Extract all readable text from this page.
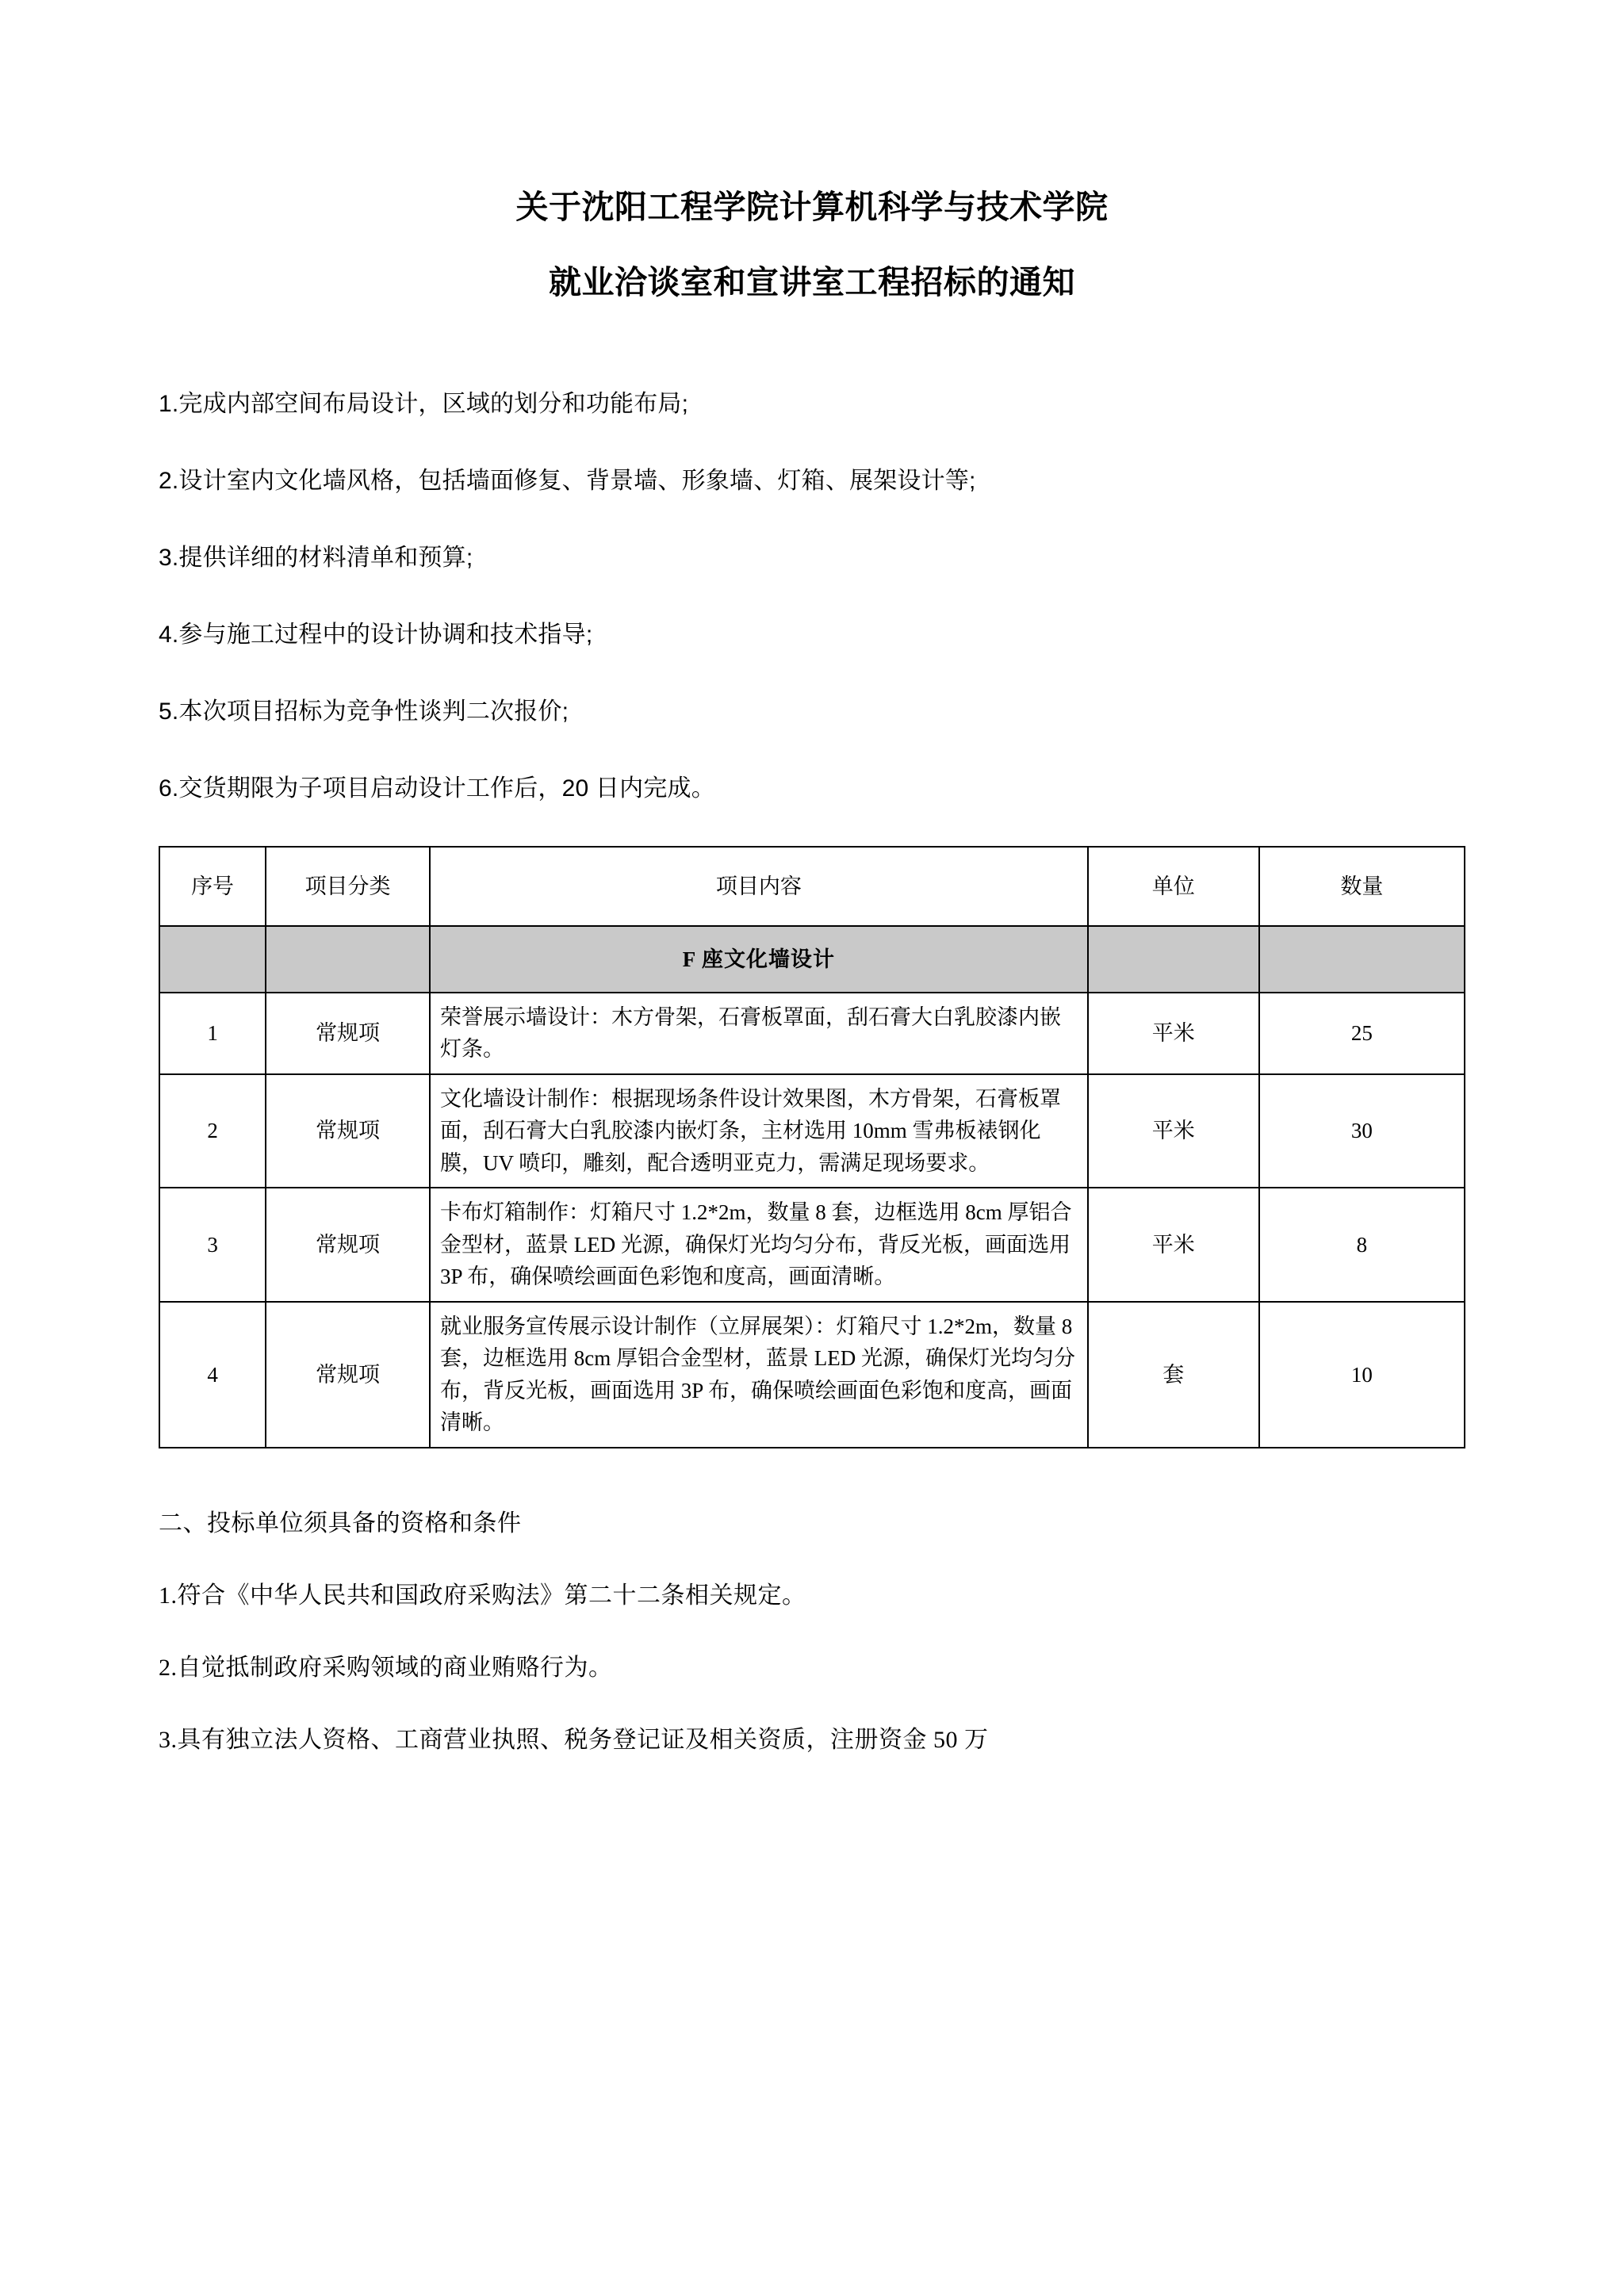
关于沈阳工程学院计算机科学与技术学院
就业洽谈室和宣讲室工程招标的通知
1.完成内部空间布局设计，区域的划分和功能布局;
2.设计室内文化墙风格，包括墙面修复、背景墙、形象墙、灯箱、展架设计等;
3.提供详细的材料清单和预算;
4.参与施工过程中的设计协调和技术指导;
5.本次项目招标为竞争性谈判二次报价;
6.交货期限为子项目启动设计工作后，20 日内完成。
序号	项目分类	项目内容	单位	数量
		F 座文化墙设计		
1	常规项	荣誉展示墙设计：木方骨架，石膏板罩面，刮石膏大白乳胶漆内嵌灯条。	平米	25
2	常规项	文化墙设计制作：根据现场条件设计效果图，木方骨架，石膏板罩面，刮石膏大白乳胶漆内嵌灯条，主材选用 10mm 雪弗板裱钢化膜，UV 喷印，雕刻，配合透明亚克力，需满足现场要求。	平米	30
3	常规项	卡布灯箱制作：灯箱尺寸 1.2*2m，数量 8 套，边框选用 8cm 厚铝合金型材，蓝景 LED 光源，确保灯光均匀分布，背反光板，画面选用 3P 布，确保喷绘画面色彩饱和度高，画面清晰。	平米	8
4	常规项	就业服务宣传展示设计制作（立屏展架）：灯箱尺寸 1.2*2m，数量 8 套，边框选用 8cm 厚铝合金型材，蓝景 LED 光源，确保灯光均匀分布，背反光板，画面选用 3P 布，确保喷绘画面色彩饱和度高，画面清晰。	套	10
二、投标单位须具备的资格和条件
1.符合《中华人民共和国政府采购法》第二十二条相关规定。
2.自觉抵制政府采购领域的商业贿赂行为。
3.具有独立法人资格、工商营业执照、税务登记证及相关资质，注册资金 50 万
